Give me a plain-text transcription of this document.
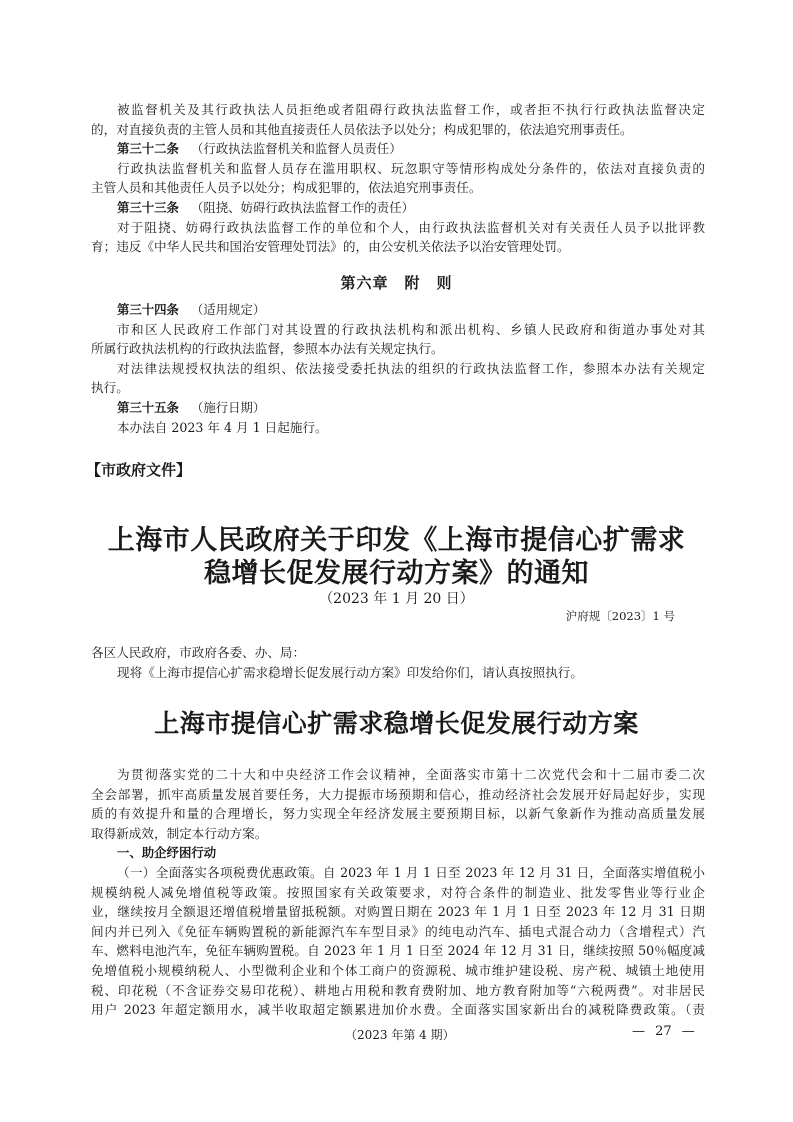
被监督机关及其行政执法人员拒绝或者阻碍行政执法监督工作，或者拒不执行行政执法监督决定
的，对直接负责的主管人员和其他直接责任人员依法予以处分；构成犯罪的，依法追究刑事责任。
第三十二条 （行政执法监督机关和监督人员责任）
行政执法监督机关和监督人员存在滥用职权、玩忽职守等情形构成处分条件的，依法对直接负责的
主管人员和其他责任人员予以处分；构成犯罪的，依法追究刑事责任。
第三十三条 （阻挠、妨碍行政执法监督工作的责任）
对于阻挠、妨碍行政执法监督工作的单位和个人，由行政执法监督机关对有关责任人员予以批评教
育；违反《中华人民共和国治安管理处罚法》的，由公安机关依法予以治安管理处罚。
第六章　附　则
第三十四条 （适用规定）
市和区人民政府工作部门对其设置的行政执法机构和派出机构、乡镇人民政府和街道办事处对其
所属行政执法机构的行政执法监督，参照本办法有关规定执行。
对法律法规授权执法的组织、依法接受委托执法的组织的行政执法监督工作，参照本办法有关规定
执行。
第三十五条 （施行日期）
本办法自 2023 年 4 月 1 日起施行。
【市政府文件】
上海市人民政府关于印发《上海市提信心扩需求
稳增长促发展行动方案》的通知
（2023 年 1 月 20 日）
沪府规〔2023〕1 号
各区人民政府，市政府各委、办、局：
现将《上海市提信心扩需求稳增长促发展行动方案》印发给你们，请认真按照执行。
上海市提信心扩需求稳增长促发展行动方案
为贯彻落实党的二十大和中央经济工作会议精神，全面落实市第十二次党代会和十二届市委二次
全会部署，抓牢高质量发展首要任务，大力提振市场预期和信心，推动经济社会发展开好局起好步，实现
质的有效提升和量的合理增长，努力实现全年经济发展主要预期目标，以新气象新作为推动高质量发展
取得新成效，制定本行动方案。
一、助企纾困行动
（一）全面落实各项税费优惠政策。自 2023 年 1 月 1 日至 2023 年 12 月 31 日，全面落实增值税小
规模纳税人减免增值税等政策。按照国家有关政策要求，对符合条件的制造业、批发零售业等行业企
业，继续按月全额退还增值税增量留抵税额。对购置日期在 2023 年 1 月 1 日至 2023 年 12 月 31 日期
间内并已列入《免征车辆购置税的新能源汽车车型目录》的纯电动汽车、插电式混合动力（含增程式）汽
车、燃料电池汽车，免征车辆购置税。自 2023 年 1 月 1 日至 2024 年 12 月 31 日，继续按照 50％幅度减
免增值税小规模纳税人、小型微利企业和个体工商户的资源税、城市维护建设税、房产税、城镇土地使用
税、印花税（不含证券交易印花税）、耕地占用税和教育费附加、地方教育附加等“六税两费”。对非居民
用户 2023 年超定额用水，减半收取超定额累进加价水费。全面落实国家新出台的减税降费政策。（责
（2023 年第 4 期）	— 27 —
